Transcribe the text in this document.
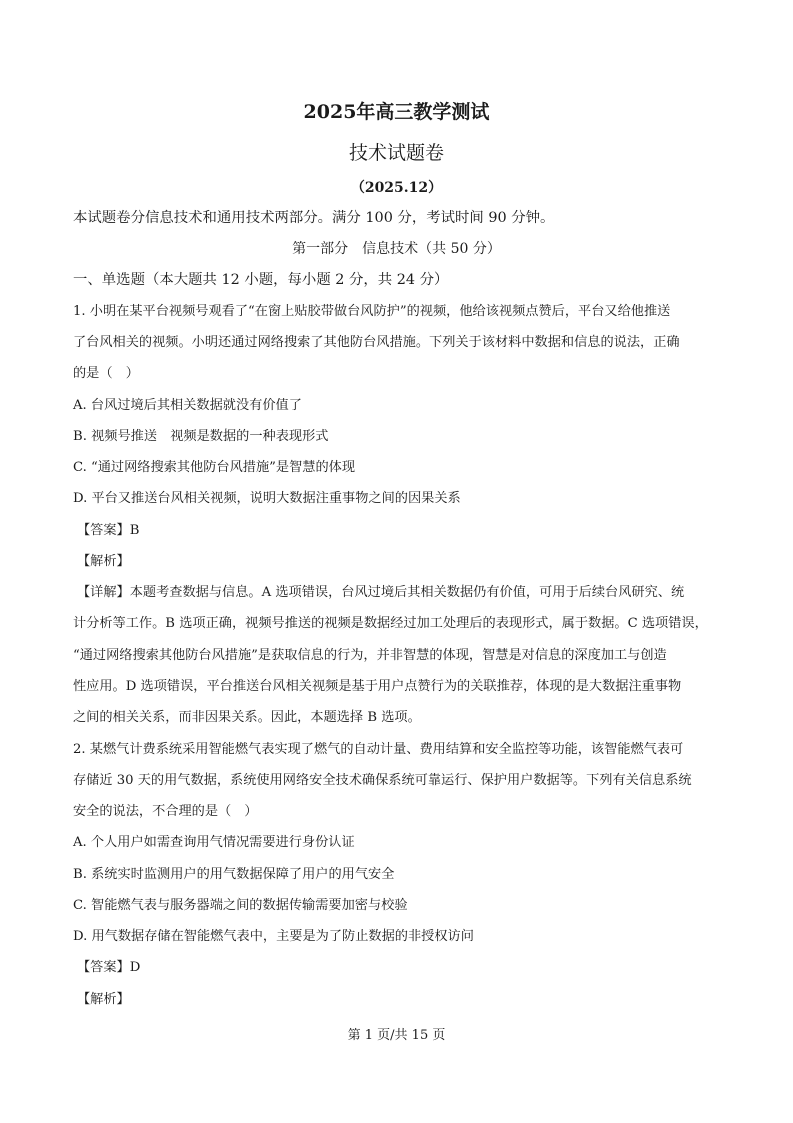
2025年高三教学测试
技术试题卷
（2025.12）
本试题卷分信息技术和通用技术两部分。满分 100 分，考试时间 90 分钟。
第一部分　信息技术（共 50 分）
一、单选题（本大题共 12 小题，每小题 2 分，共 24 分）
1. 小明在某平台视频号观看了“在窗上贴胶带做台风防护”的视频，他给该视频点赞后，平台又给他推送
了台风相关的视频。小明还通过网络搜索了其他防台风措施。下列关于该材料中数据和信息的说法，正确
的是（　）
A. 台风过境后其相关数据就没有价值了
B. 视频号推送　视频是数据的一种表现形式
C. “通过网络搜索其他防台风措施”是智慧的体现
D. 平台又推送台风相关视频，说明大数据注重事物之间的因果关系
【答案】B
【解析】
【详解】本题考查数据与信息。A 选项错误，台风过境后其相关数据仍有价值，可用于后续台风研究、统
计分析等工作。B 选项正确，视频号推送的视频是数据经过加工处理后的表现形式，属于数据。C 选项错误，
“通过网络搜索其他防台风措施”是获取信息的行为，并非智慧的体现，智慧是对信息的深度加工与创造
性应用。D 选项错误，平台推送台风相关视频是基于用户点赞行为的关联推荐，体现的是大数据注重事物
之间的相关关系，而非因果关系。因此，本题选择 B 选项。
2. 某燃气计费系统采用智能燃气表实现了燃气的自动计量、费用结算和安全监控等功能，该智能燃气表可
存储近 30 天的用气数据，系统使用网络安全技术确保系统可靠运行、保护用户数据等。下列有关信息系统
安全的说法，不合理的是（　）
A. 个人用户如需查询用气情况需要进行身份认证
B. 系统实时监测用户的用气数据保障了用户的用气安全
C. 智能燃气表与服务器端之间的数据传输需要加密与校验
D. 用气数据存储在智能燃气表中，主要是为了防止数据的非授权访问
【答案】D
【解析】
第 1 页/共 15 页
